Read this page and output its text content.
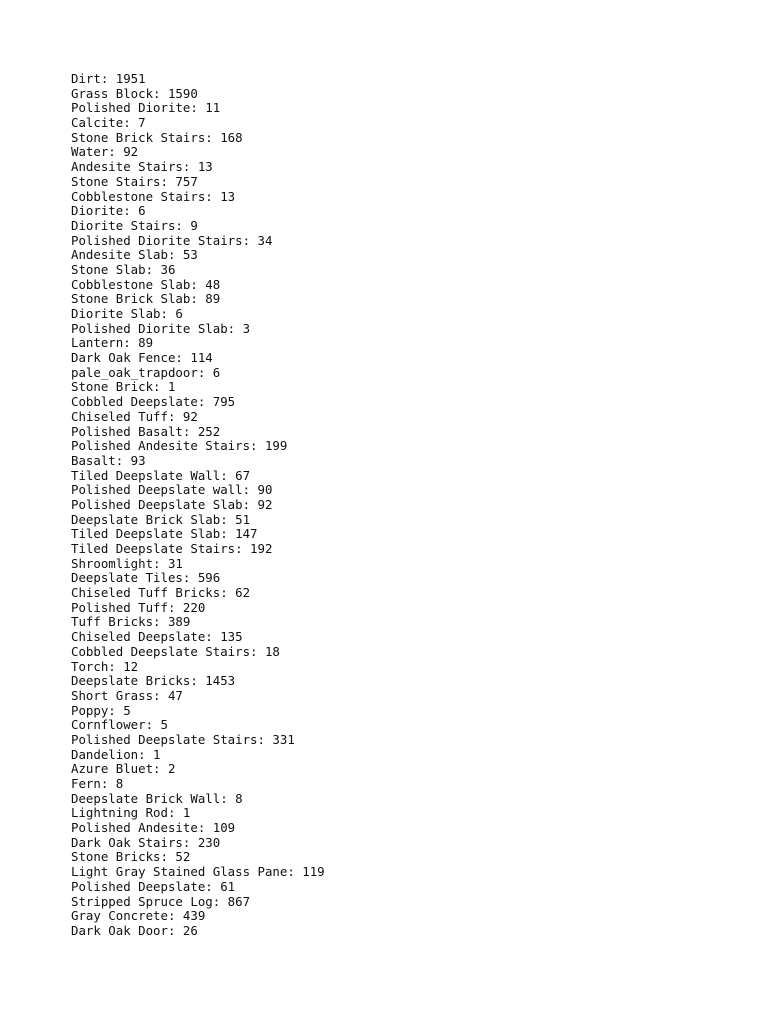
Dirt: 1951
Grass Block: 1590
Polished Diorite: 11
Calcite: 7
Stone Brick Stairs: 168
Water: 92
Andesite Stairs: 13
Stone Stairs: 757
Cobblestone Stairs: 13
Diorite: 6
Diorite Stairs: 9
Polished Diorite Stairs: 34
Andesite Slab: 53
Stone Slab: 36
Cobblestone Slab: 48
Stone Brick Slab: 89
Diorite Slab: 6
Polished Diorite Slab: 3
Lantern: 89
Dark Oak Fence: 114
pale_oak_trapdoor: 6
Stone Brick: 1
Cobbled Deepslate: 795
Chiseled Tuff: 92
Polished Basalt: 252
Polished Andesite Stairs: 199
Basalt: 93
Tiled Deepslate Wall: 67
Polished Deepslate wall: 90
Polished Deepslate Slab: 92
Deepslate Brick Slab: 51
Tiled Deepslate Slab: 147
Tiled Deepslate Stairs: 192
Shroomlight: 31
Deepslate Tiles: 596
Chiseled Tuff Bricks: 62
Polished Tuff: 220
Tuff Bricks: 389
Chiseled Deepslate: 135
Cobbled Deepslate Stairs: 18
Torch: 12
Deepslate Bricks: 1453
Short Grass: 47
Poppy: 5
Cornflower: 5
Polished Deepslate Stairs: 331
Dandelion: 1
Azure Bluet: 2
Fern: 8
Deepslate Brick Wall: 8
Lightning Rod: 1
Polished Andesite: 109
Dark Oak Stairs: 230
Stone Bricks: 52
Light Gray Stained Glass Pane: 119
Polished Deepslate: 61
Stripped Spruce Log: 867
Gray Concrete: 439
Dark Oak Door: 26
